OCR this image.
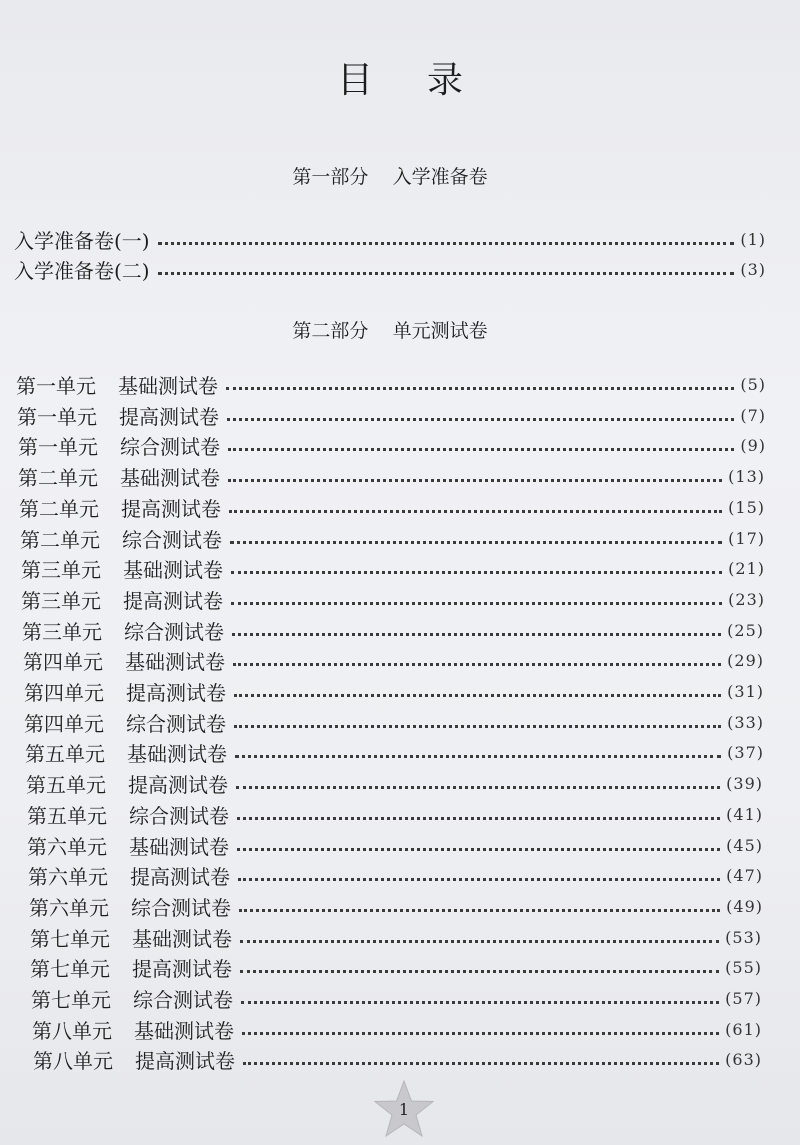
目录
第一部分    入学准备卷
入学准备卷(一)	(1)
入学准备卷(二)	(3)
第二部分    单元测试卷
第一单元 基础测试卷	(5)
第一单元 提高测试卷	(7)
第一单元 综合测试卷	(9)
第二单元 基础测试卷	(13)
第二单元 提高测试卷	(15)
第二单元 综合测试卷	(17)
第三单元 基础测试卷	(21)
第三单元 提高测试卷	(23)
第三单元 综合测试卷	(25)
第四单元 基础测试卷	(29)
第四单元 提高测试卷	(31)
第四单元 综合测试卷	(33)
第五单元 基础测试卷	(37)
第五单元 提高测试卷	(39)
第五单元 综合测试卷	(41)
第六单元 基础测试卷	(45)
第六单元 提高测试卷	(47)
第六单元 综合测试卷	(49)
第七单元 基础测试卷	(53)
第七单元 提高测试卷	(55)
第七单元 综合测试卷	(57)
第八单元 基础测试卷	(61)
第八单元 提高测试卷	(63)
1
